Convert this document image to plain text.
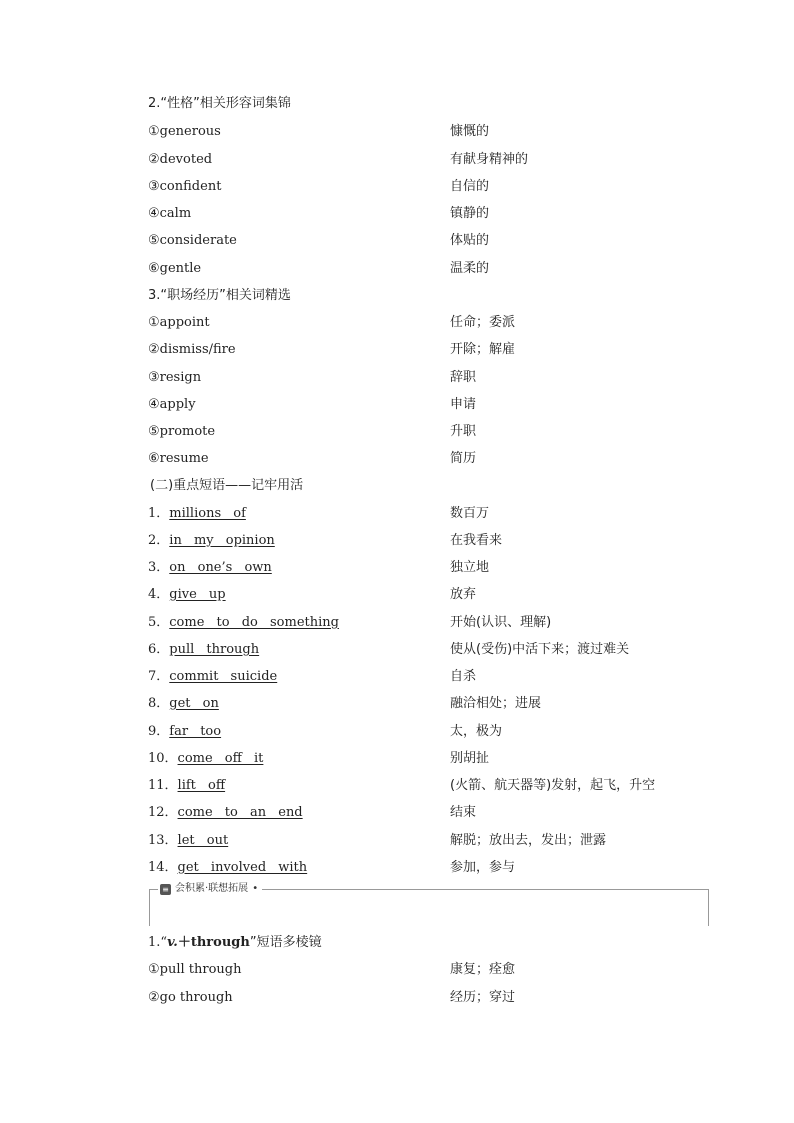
2.“性格”相关形容词集锦
①generous	慷慨的
②devoted	有献身精神的
③confident	自信的
④calm	镇静的
⑤considerate	体贴的
⑥gentle	温柔的
3.“职场经历”相关词精选
①appoint	任命；委派
②dismiss/fire	开除；解雇
③resign	辞职
④apply	申请
⑤promote	升职
⑥resume	简历
(二)重点短语——记牢用活
1．millions of	数百万
2．in my opinion	在我看来
3．on one’s own	独立地
4．give up	放弃
5．come to do something	开始(认识、理解)
6．pull through	使从(受伤)中活下来；渡过难关
7．commit suicide	自杀
8．get on	融洽相处；进展
9．far too	太，极为
10．come off it	别胡扯
11．lift off	(火箭、航天器等)发射，起飞，升空
12．come to an end	结束
13．let out	解脱；放出去，发出；泄露
14．get involved with	参加，参与
≡ 会积累·联想拓展 •
1.“v.＋through”短语多棱镜
①pull through	康复；痊愈
②go through	经历；穿过
